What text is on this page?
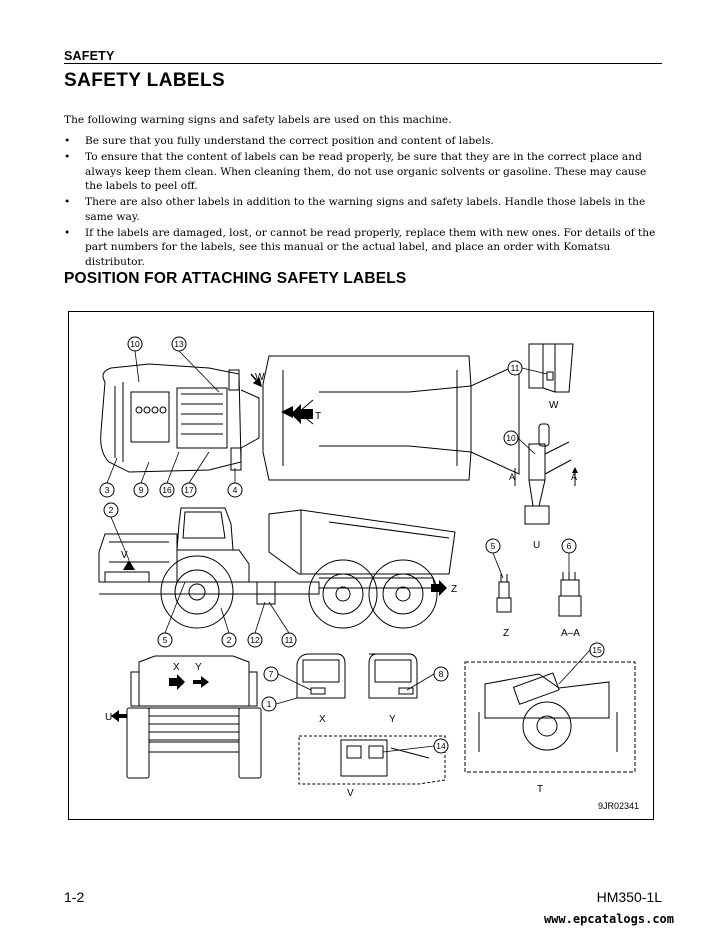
SAFETY
SAFETY LABELS
The following warning signs and safety labels are used on this machine.
• Be sure that you fully understand the correct position and content of labels.
• To ensure that the content of labels can be read properly, be sure that they are in the correct place and always keep them clean. When cleaning them, do not use organic solvents or gasoline. These may cause the labels to peel off.
• There are also other labels in addition to the warning signs and safety labels. Handle those labels in the same way.
• If the labels are damaged, lost, or cannot be read properly, replace them with new ones. For details of the part numbers for the labels, see this manual or the actual label, and place an order with Komatsu distributor.
POSITION FOR ATTACHING SAFETY LABELS
T
W
V
Z
X Y
U	X	Y
V
W
A	A
U
Z	A–A
T
10	13
3	9 16 17	4
2
5	2 12	11
11
10
5	6
7	8
1
14
15
9JR02341
1-2	HM350-1L
www.epcatalogs.com
